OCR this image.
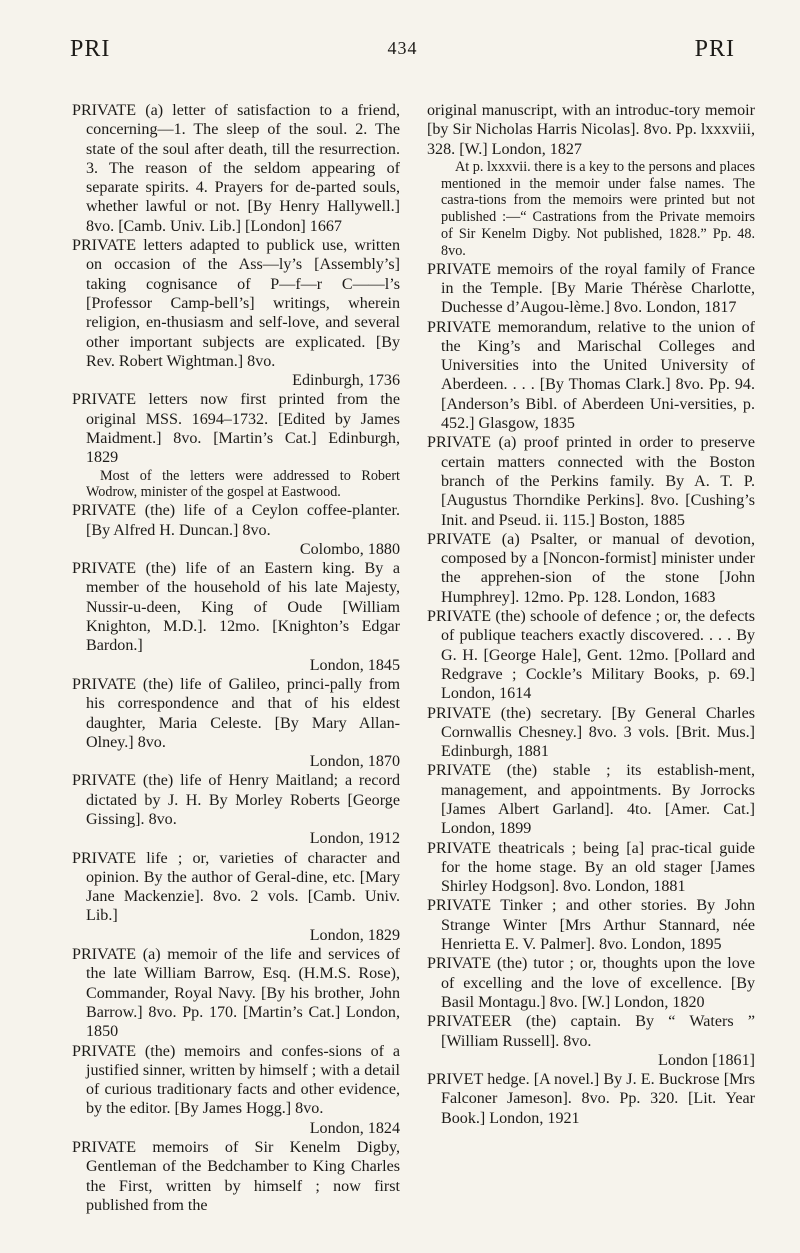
PRI	434	PRI

PRIVATE (a) letter of satisfaction to a friend, concerning—1. The sleep of the soul. 2. The state of the soul after death, till the resurrection. 3. The reason of the seldom appearing of separate spirits. 4. Prayers for de-parted souls, whether lawful or not. [By Henry Hallywell.] 8vo. [Camb. Univ. Lib.] [London] 1667

PRIVATE letters adapted to publick use, written on occasion of the Ass—ly’s [Assembly’s] taking cognisance of P—f—r C——l’s [Professor Camp-bell’s] writings, wherein religion, en-thusiasm and self-love, and several other important subjects are explicated. [By Rev. Robert Wightman.] 8vo.
Edinburgh, 1736

PRIVATE letters now first printed from the original MSS. 1694–1732. [Edited by James Maidment.] 8vo. [Martin’s Cat.] Edinburgh, 1829

Most of the letters were addressed to Robert Wodrow, minister of the gospel at Eastwood.

PRIVATE (the) life of a Ceylon coffee-planter. [By Alfred H. Duncan.] 8vo.
Colombo, 1880

PRIVATE (the) life of an Eastern king. By a member of the household of his late Majesty, Nussir-u-deen, King of Oude [William Knighton, M.D.]. 12mo. [Knighton’s Edgar Bardon.]
London, 1845

PRIVATE (the) life of Galileo, princi-pally from his correspondence and that of his eldest daughter, Maria Celeste. [By Mary Allan-Olney.] 8vo.
London, 1870

PRIVATE (the) life of Henry Maitland; a record dictated by J. H. By Morley Roberts [George Gissing]. 8vo.
London, 1912

PRIVATE life ; or, varieties of character and opinion. By the author of Geral-dine, etc. [Mary Jane Mackenzie]. 8vo. 2 vols. [Camb. Univ. Lib.]
London, 1829

PRIVATE (a) memoir of the life and services of the late William Barrow, Esq. (H.M.S. Rose), Commander, Royal Navy. [By his brother, John Barrow.] 8vo. Pp. 170. [Martin’s Cat.] London, 1850

PRIVATE (the) memoirs and confes-sions of a justified sinner, written by himself ; with a detail of curious traditionary facts and other evidence, by the editor. [By James Hogg.] 8vo.
London, 1824

PRIVATE memoirs of Sir Kenelm Digby, Gentleman of the Bedchamber to King Charles the First, written by himself ; now first published from the

original manuscript, with an introduc-tory memoir [by Sir Nicholas Harris Nicolas]. 8vo. Pp. lxxxviii, 328. [W.] London, 1827

At p. lxxxvii. there is a key to the persons and places mentioned in the memoir under false names. The castra-tions from the memoirs were printed but not published :—“ Castrations from the Private memoirs of Sir Kenelm Digby. Not published, 1828.” Pp. 48. 8vo.

PRIVATE memoirs of the royal family of France in the Temple. [By Marie Thérèse Charlotte, Duchesse d’Augou-lème.] 8vo. London, 1817

PRIVATE memorandum, relative to the union of the King’s and Marischal Colleges and Universities into the United University of Aberdeen. . . . [By Thomas Clark.] 8vo. Pp. 94. [Anderson’s Bibl. of Aberdeen Uni-versities, p. 452.] Glasgow, 1835

PRIVATE (a) proof printed in order to preserve certain matters connected with the Boston branch of the Perkins family. By A. T. P. [Augustus Thorndike Perkins]. 8vo. [Cushing’s Init. and Pseud. ii. 115.] Boston, 1885

PRIVATE (a) Psalter, or manual of devotion, composed by a [Noncon-formist] minister under the apprehen-sion of the stone [John Humphrey]. 12mo. Pp. 128. London, 1683

PRIVATE (the) schoole of defence ; or, the defects of publique teachers exactly discovered. . . . By G. H. [George Hale], Gent. 12mo. [Pollard and Redgrave ; Cockle’s Military Books, p. 69.] London, 1614

PRIVATE (the) secretary. [By General Charles Cornwallis Chesney.] 8vo. 3 vols. [Brit. Mus.] Edinburgh, 1881

PRIVATE (the) stable ; its establish-ment, management, and appointments. By Jorrocks [James Albert Garland]. 4to. [Amer. Cat.] London, 1899

PRIVATE theatricals ; being [a] prac-tical guide for the home stage. By an old stager [James Shirley Hodgson]. 8vo. London, 1881

PRIVATE Tinker ; and other stories. By John Strange Winter [Mrs Arthur Stannard, née Henrietta E. V. Palmer]. 8vo. London, 1895

PRIVATE (the) tutor ; or, thoughts upon the love of excelling and the love of excellence. [By Basil Montagu.] 8vo. [W.] London, 1820

PRIVATEER (the) captain. By “ Waters ” [William Russell]. 8vo.
London [1861]

PRIVET hedge. [A novel.] By J. E. Buckrose [Mrs Falconer Jameson]. 8vo. Pp. 320. [Lit. Year Book.] London, 1921
